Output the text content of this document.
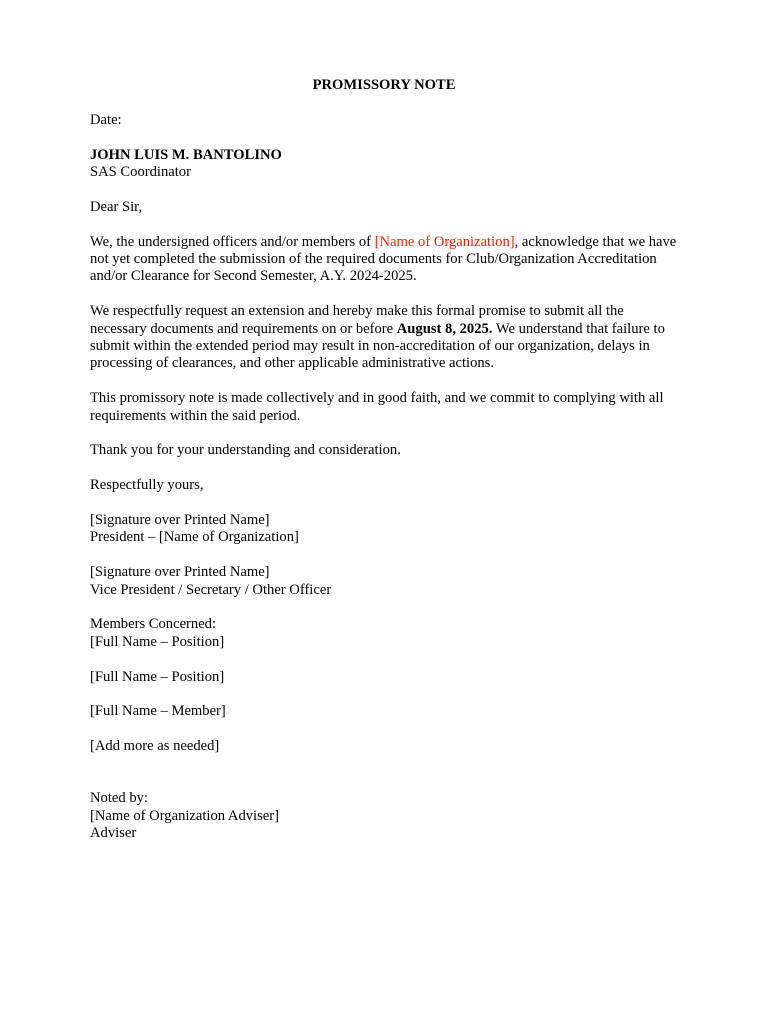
PROMISSORY NOTE

Date:

JOHN LUIS M. BANTOLINO

SAS Coordinator

Dear Sir,

We, the undersigned officers and/or members of [Name of Organization], acknowledge that we have not yet completed the submission of the required documents for Club/Organization Accreditation and/or Clearance for Second Semester, A.Y. 2024-2025.

We respectfully request an extension and hereby make this formal promise to submit all the necessary documents and requirements on or before August 8, 2025. We understand that failure to submit within the extended period may result in non-accreditation of our organization, delays in processing of clearances, and other applicable administrative actions.

This promissory note is made collectively and in good faith, and we commit to complying with all requirements within the said period.

Thank you for your understanding and consideration.

Respectfully yours,

[Signature over Printed Name]

President – [Name of Organization]

[Signature over Printed Name]

Vice President / Secretary / Other Officer

Members Concerned:

[Full Name – Position]

[Full Name – Position]

[Full Name – Member]

[Add more as needed]

Noted by:

[Name of Organization Adviser]

Adviser
